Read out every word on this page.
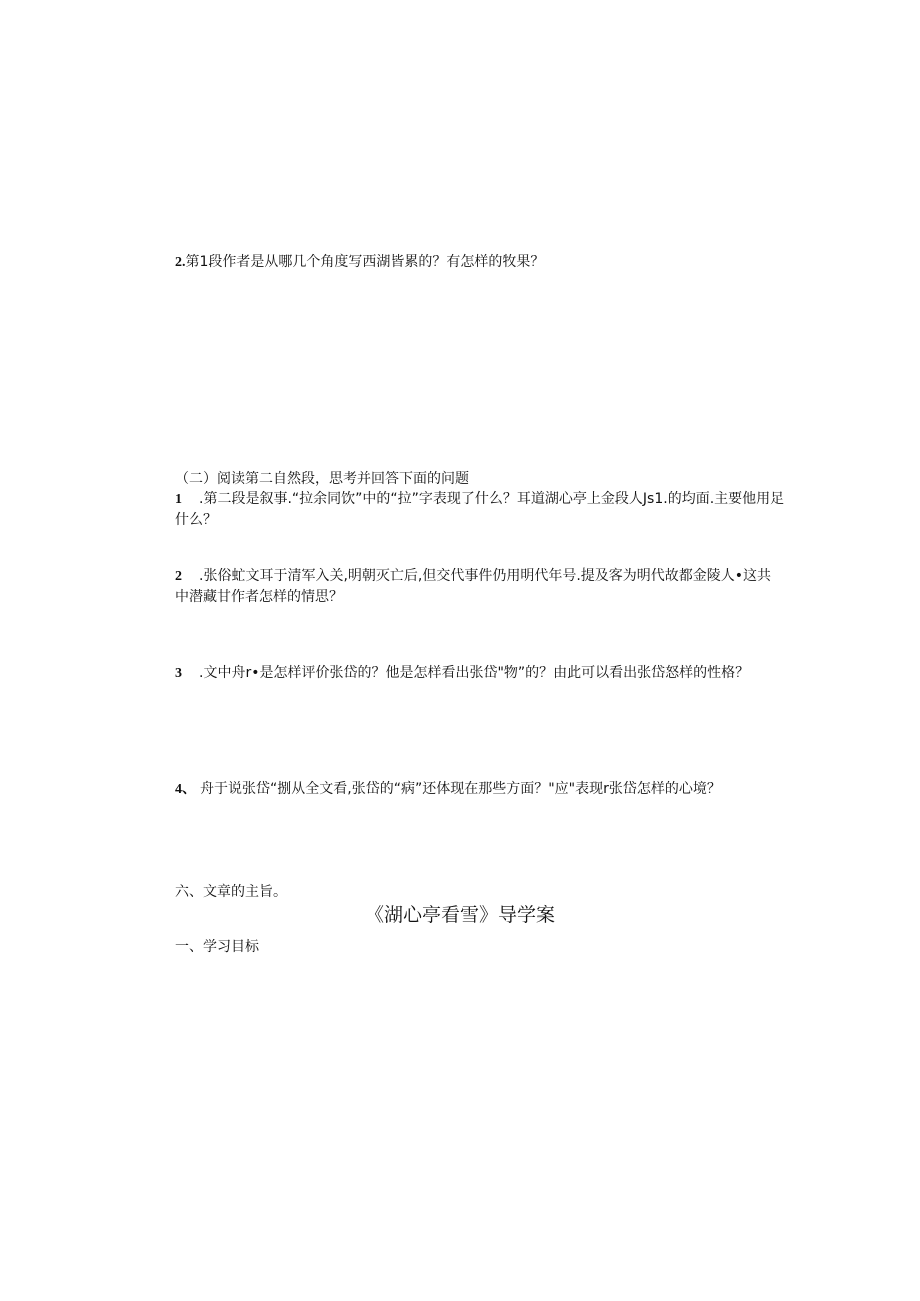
2.第1段作者是从哪几个角度写西湖皆累的？有怎样的牧果？
（二）阅读第二自然段，思考并回答下面的问题
1 .第二段是叙事.“拉余同饮”中的“拉”字表现了什么？耳道湖心亭上金段人Js1.的均面.主要他用足什么？
2 .张俗虻文耳于清军入关,明朝灭亡后,但交代事件仍用明代年号.提及客为明代故都金陵人•这共中潜藏甘作者怎样的情思？
3 .文中舟r•是怎样评价张岱的？他是怎样看出张岱"物”的？由此可以看出张岱怒样的性格？
4、 舟于说张岱“捌从全文看,张岱的“病”还体现在那些方面？"应"表现r张岱怎样的心境？
六、文章的主旨。
《湖心亭看雪》导学案
一、学习目标
